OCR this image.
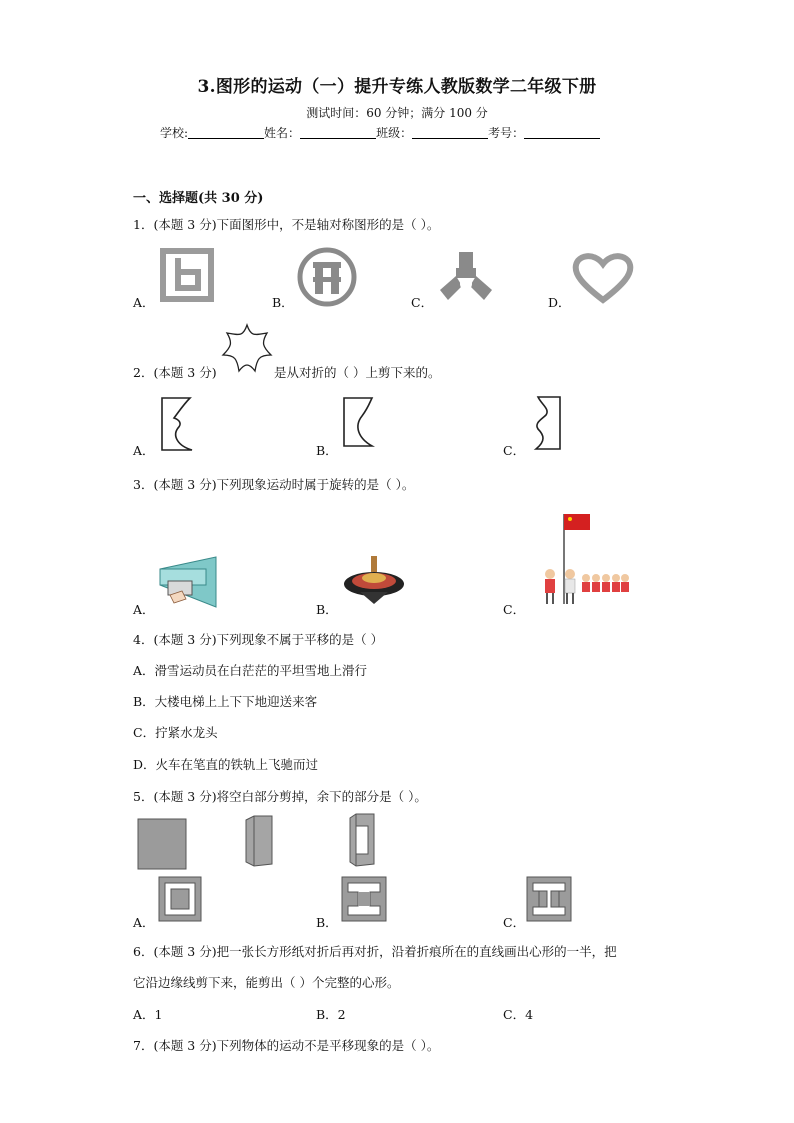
3.图形的运动（一）提升专练人教版数学二年级下册
测试时间：60 分钟；满分 100 分
学校:	姓名：	班级：	考号：
一、选择题(共 30 分)
1．(本题 3 分)下面图形中，不是轴对称图形的是（ ）。
A．	B．	C．	D．
2．(本题 3 分)	是从对折的（ ）上剪下来的。
A．	B．	C．
3．(本题 3 分)下列现象运动时属于旋转的是（ ）。
A．	B．	C．
4．(本题 3 分)下列现象不属于平移的是（ ）
A．滑雪运动员在白茫茫的平坦雪地上滑行
B．大楼电梯上上下下地迎送来客
C．拧紧水龙头
D．火车在笔直的铁轨上飞驰而过
5．(本题 3 分)将空白部分剪掉，余下的部分是（ ）。
A．	B．	C．
6．(本题 3 分)把一张长方形纸对折后再对折，沿着折痕所在的直线画出心形的一半，把
它沿边缘线剪下来，能剪出（ ）个完整的心形。
A．1	B．2	C．4
7．(本题 3 分)下列物体的运动不是平移现象的是（ ）。
